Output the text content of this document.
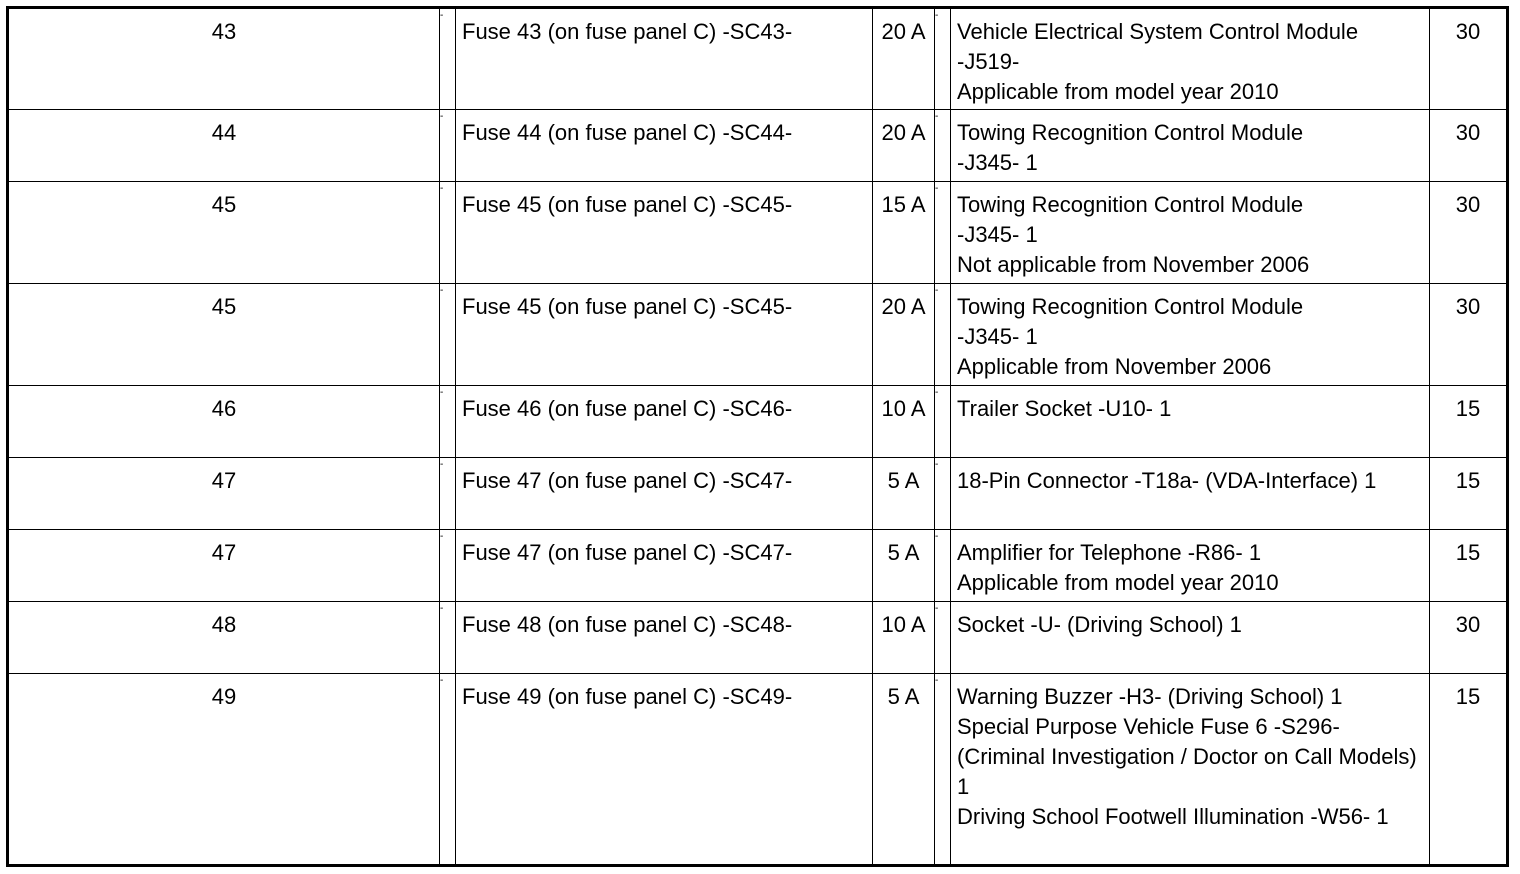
43	-	Fuse 43 (on fuse panel C) -SC43-	20 A	-	Vehicle Electrical System Control Module
-J519-
Applicable from model year 2010	30
44	-	Fuse 44 (on fuse panel C) -SC44-	20 A	-	Towing Recognition Control Module
-J345- 1	30
45	-	Fuse 45 (on fuse panel C) -SC45-	15 A	-	Towing Recognition Control Module
-J345- 1
Not applicable from November 2006	30
45	-	Fuse 45 (on fuse panel C) -SC45-	20 A	-	Towing Recognition Control Module
-J345- 1
Applicable from November 2006	30
46	-	Fuse 46 (on fuse panel C) -SC46-	10 A	-	Trailer Socket -U10- 1	15
47	-	Fuse 47 (on fuse panel C) -SC47-	5 A	-	18-Pin Connector -T18a- (VDA-Interface) 1	15
47	-	Fuse 47 (on fuse panel C) -SC47-	5 A	-	Amplifier for Telephone -R86- 1
Applicable from model year 2010	15
48	-	Fuse 48 (on fuse panel C) -SC48-	10 A	-	Socket -U- (Driving School) 1	30
49	-	Fuse 49 (on fuse panel C) -SC49-	5 A	-	Warning Buzzer -H3- (Driving School) 1
Special Purpose Vehicle Fuse 6 -S296- (Criminal Investigation / Doctor on Call Models) 1
Driving School Footwell Illumination -W56- 1	15
